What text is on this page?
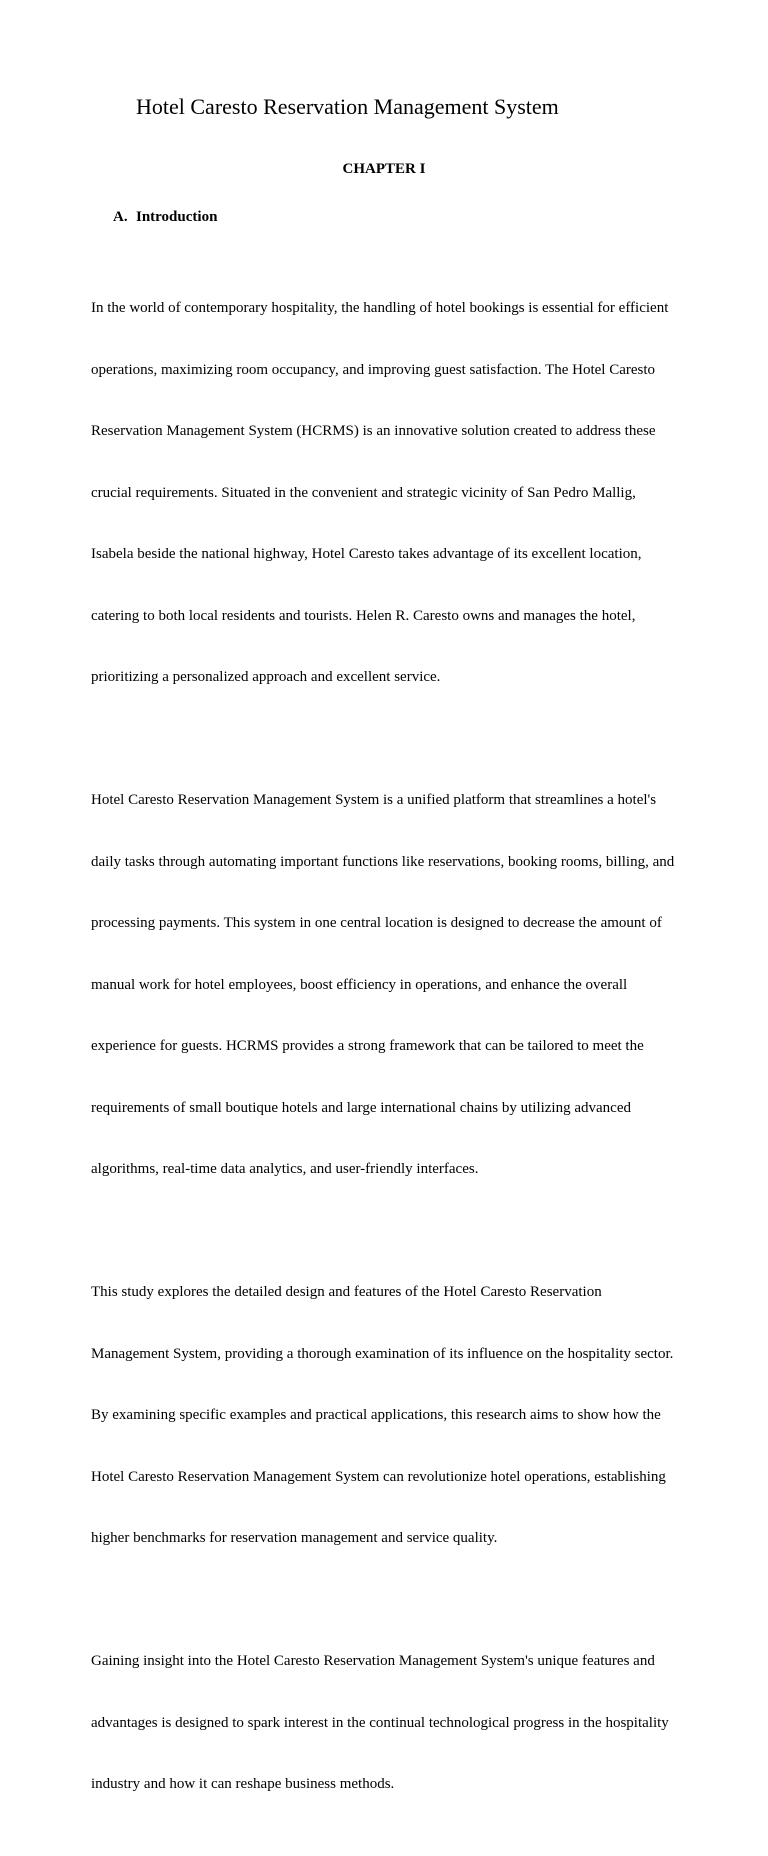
Hotel Caresto Reservation Management System
CHAPTER I
A. Introduction

In the world of contemporary hospitality, the handling of hotel bookings is essential for efficient

operations, maximizing room occupancy, and improving guest satisfaction. The Hotel Caresto

Reservation Management System (HCRMS) is an innovative solution created to address these

crucial requirements. Situated in the convenient and strategic vicinity of San Pedro Mallig,

Isabela beside the national highway, Hotel Caresto takes advantage of its excellent location,

catering to both local residents and tourists. Helen R. Caresto owns and manages the hotel,

prioritizing a personalized approach and excellent service.

Hotel Caresto Reservation Management System is a unified platform that streamlines a hotel's

daily tasks through automating important functions like reservations, booking rooms, billing, and

processing payments. This system in one central location is designed to decrease the amount of

manual work for hotel employees, boost efficiency in operations, and enhance the overall

experience for guests. HCRMS provides a strong framework that can be tailored to meet the

requirements of small boutique hotels and large international chains by utilizing advanced

algorithms, real-time data analytics, and user-friendly interfaces.

This study explores the detailed design and features of the Hotel Caresto Reservation

Management System, providing a thorough examination of its influence on the hospitality sector.

By examining specific examples and practical applications, this research aims to show how the

Hotel Caresto Reservation Management System can revolutionize hotel operations, establishing

higher benchmarks for reservation management and service quality.

Gaining insight into the Hotel Caresto Reservation Management System's unique features and

advantages is designed to spark interest in the continual technological progress in the hospitality

industry and how it can reshape business methods.
